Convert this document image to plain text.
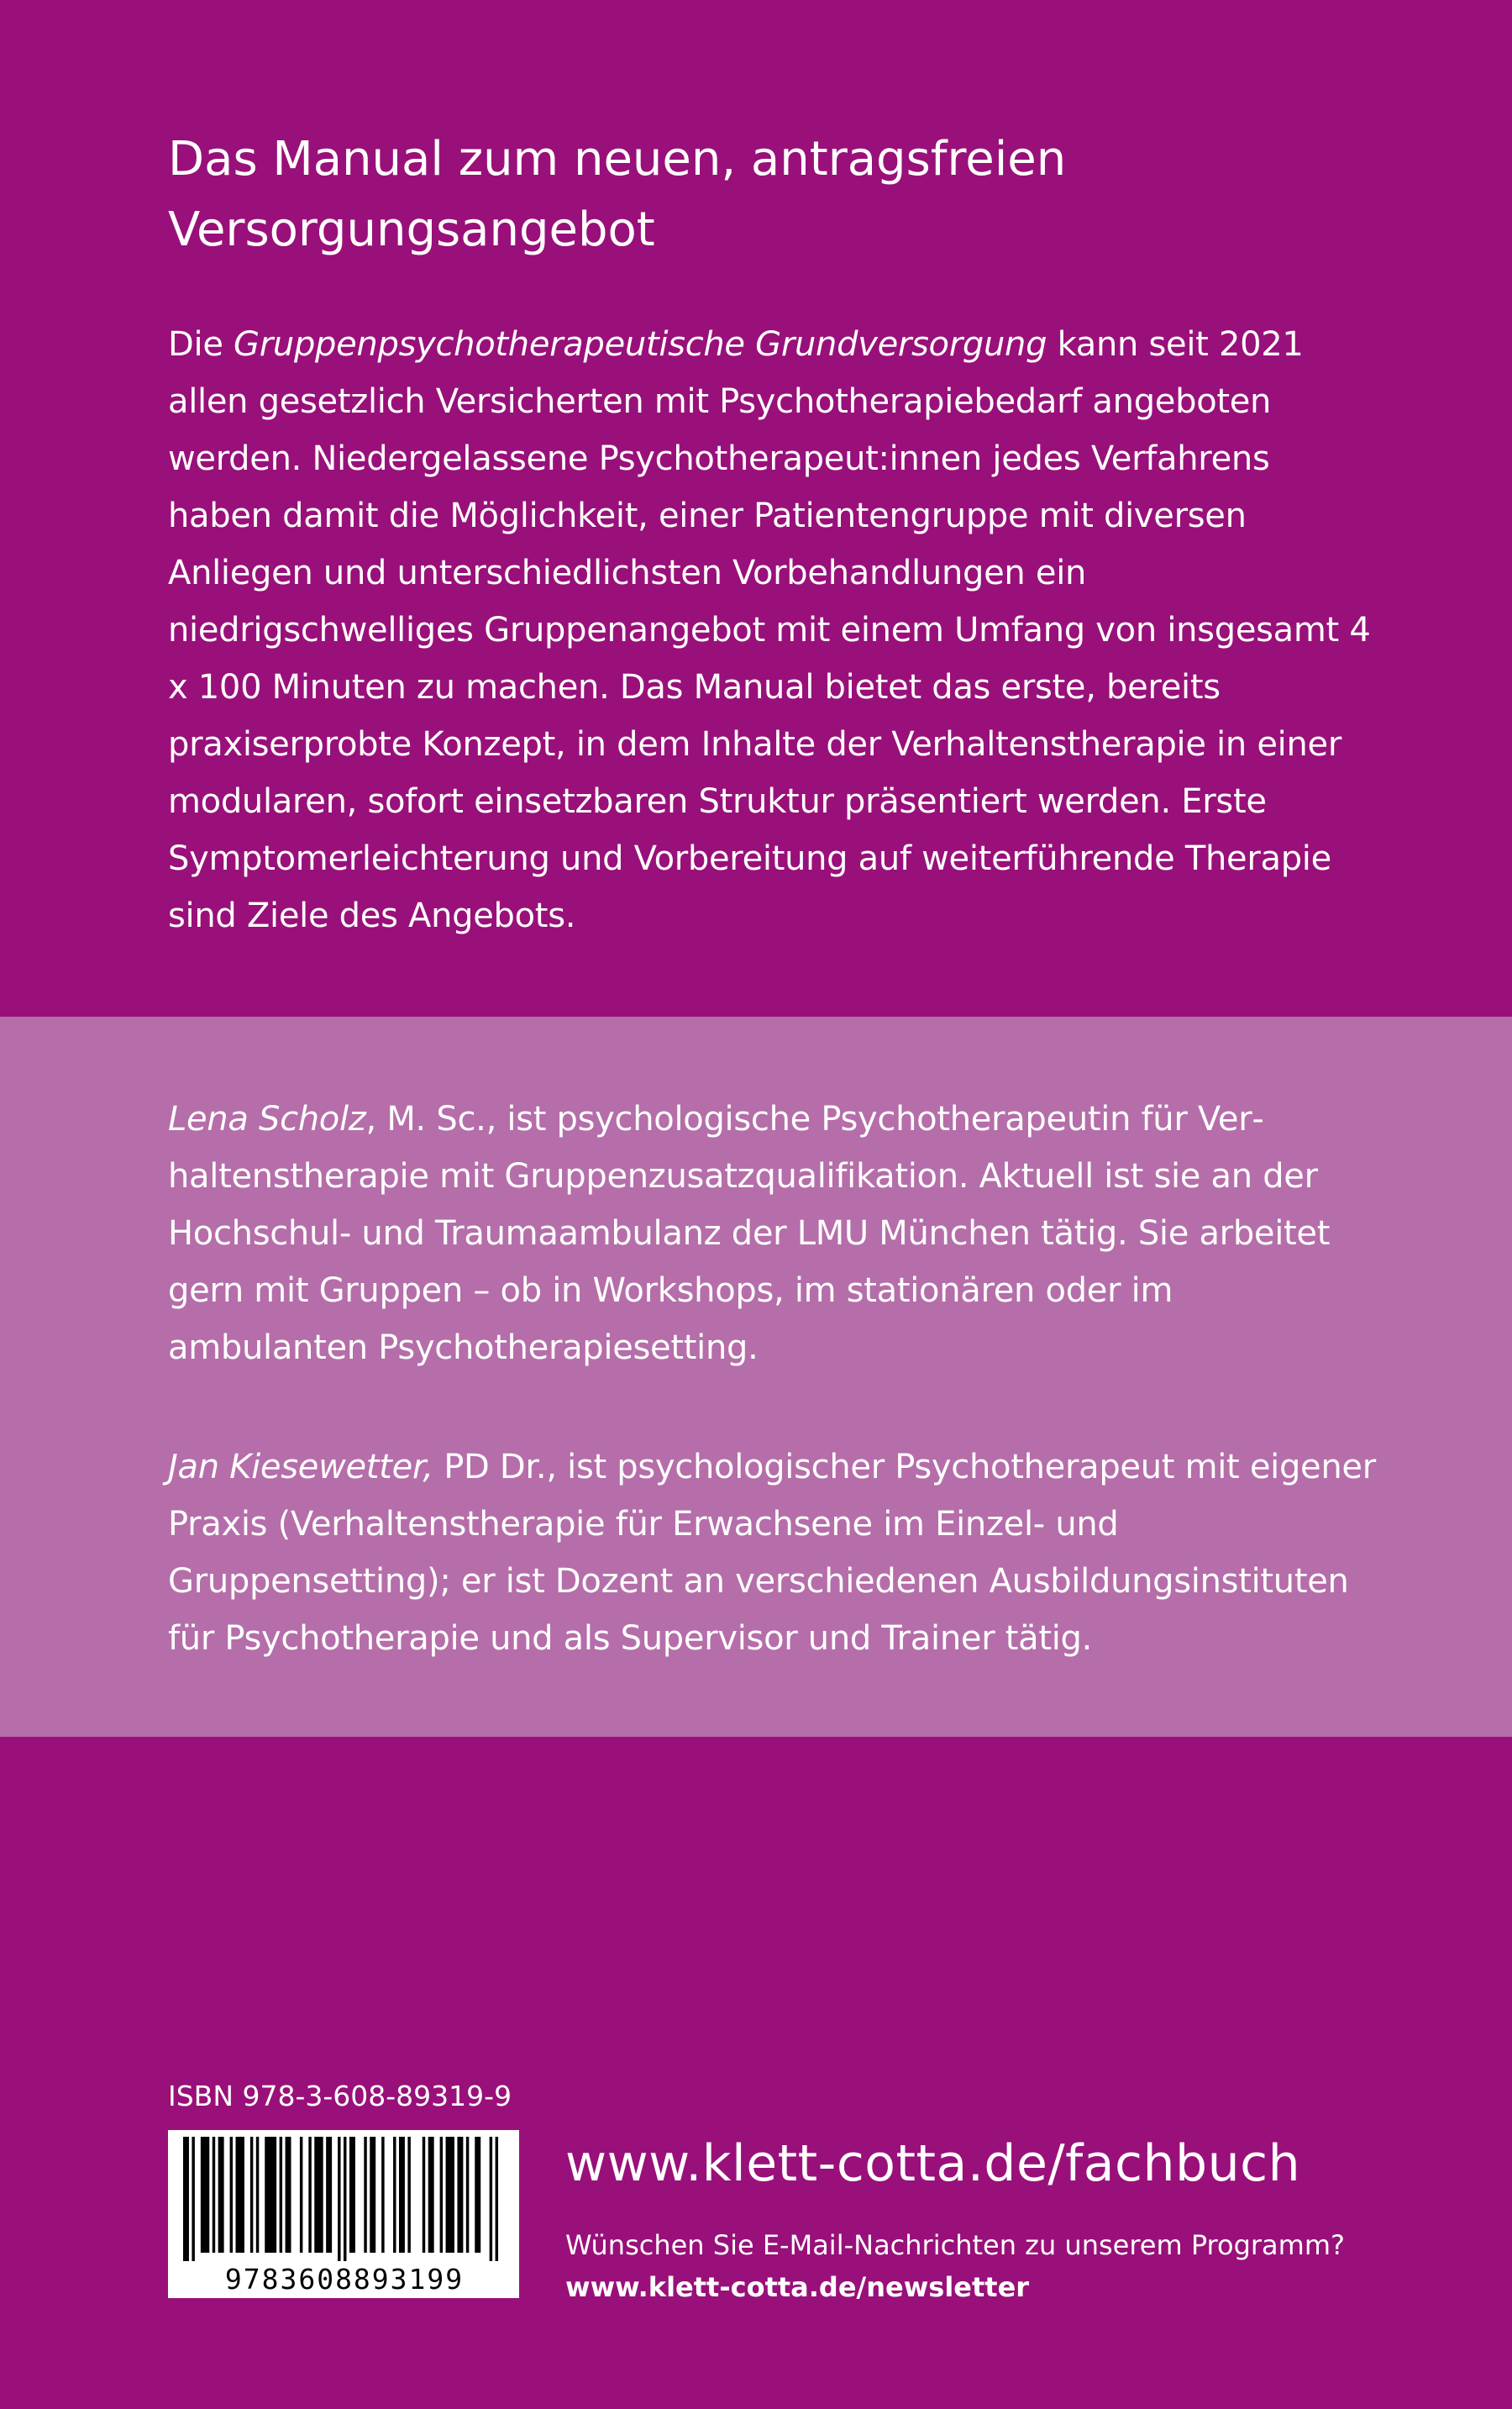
Das Manual zum neuen, antragsfreien
Versorgungsangebot

Die Gruppenpsychotherapeutische Grundversorgung kann seit 2021 allen gesetzlich Versicherten mit Psychotherapiebedarf angeboten werden. Niedergelassene Psychotherapeut:innen jedes Verfahrens haben damit die Möglichkeit, einer Patientengruppe mit diversen Anliegen und unterschiedlichsten Vorbehandlungen ein niedrigschwelliges Gruppenangebot mit einem Umfang von insgesamt 4 x 100 Minuten zu machen. Das Manual bietet das erste, bereits praxiserprobte Konzept, in dem Inhalte der Verhaltenstherapie in einer modularen, sofort einsetzbaren Struktur präsentiert werden. Erste Symptomerleichterung und Vorbereitung auf weiterführende Therapie sind Ziele des Angebots.

Lena Scholz, M. Sc., ist psychologische Psychotherapeutin für Verhaltenstherapie mit Gruppenzusatzqualifikation. Aktuell ist sie an der Hochschul- und Traumaambulanz der LMU München tätig. Sie arbeitet gern mit Gruppen – ob in Workshops, im stationären oder im ambulanten Psychotherapiesetting.

Jan Kiesewetter, PD Dr., ist psychologischer Psychotherapeut mit eigener Praxis (Verhaltenstherapie für Erwachsene im Einzel- und Gruppensetting); er ist Dozent an verschiedenen Ausbildungsinstituten für Psychotherapie und als Supervisor und Trainer tätig.

ISBN 978-3-608-89319-9
9783608893199
www.klett-cotta.de/fachbuch
Wünschen Sie E-Mail-Nachrichten zu unserem Programm?
www.klett-cotta.de/newsletter
